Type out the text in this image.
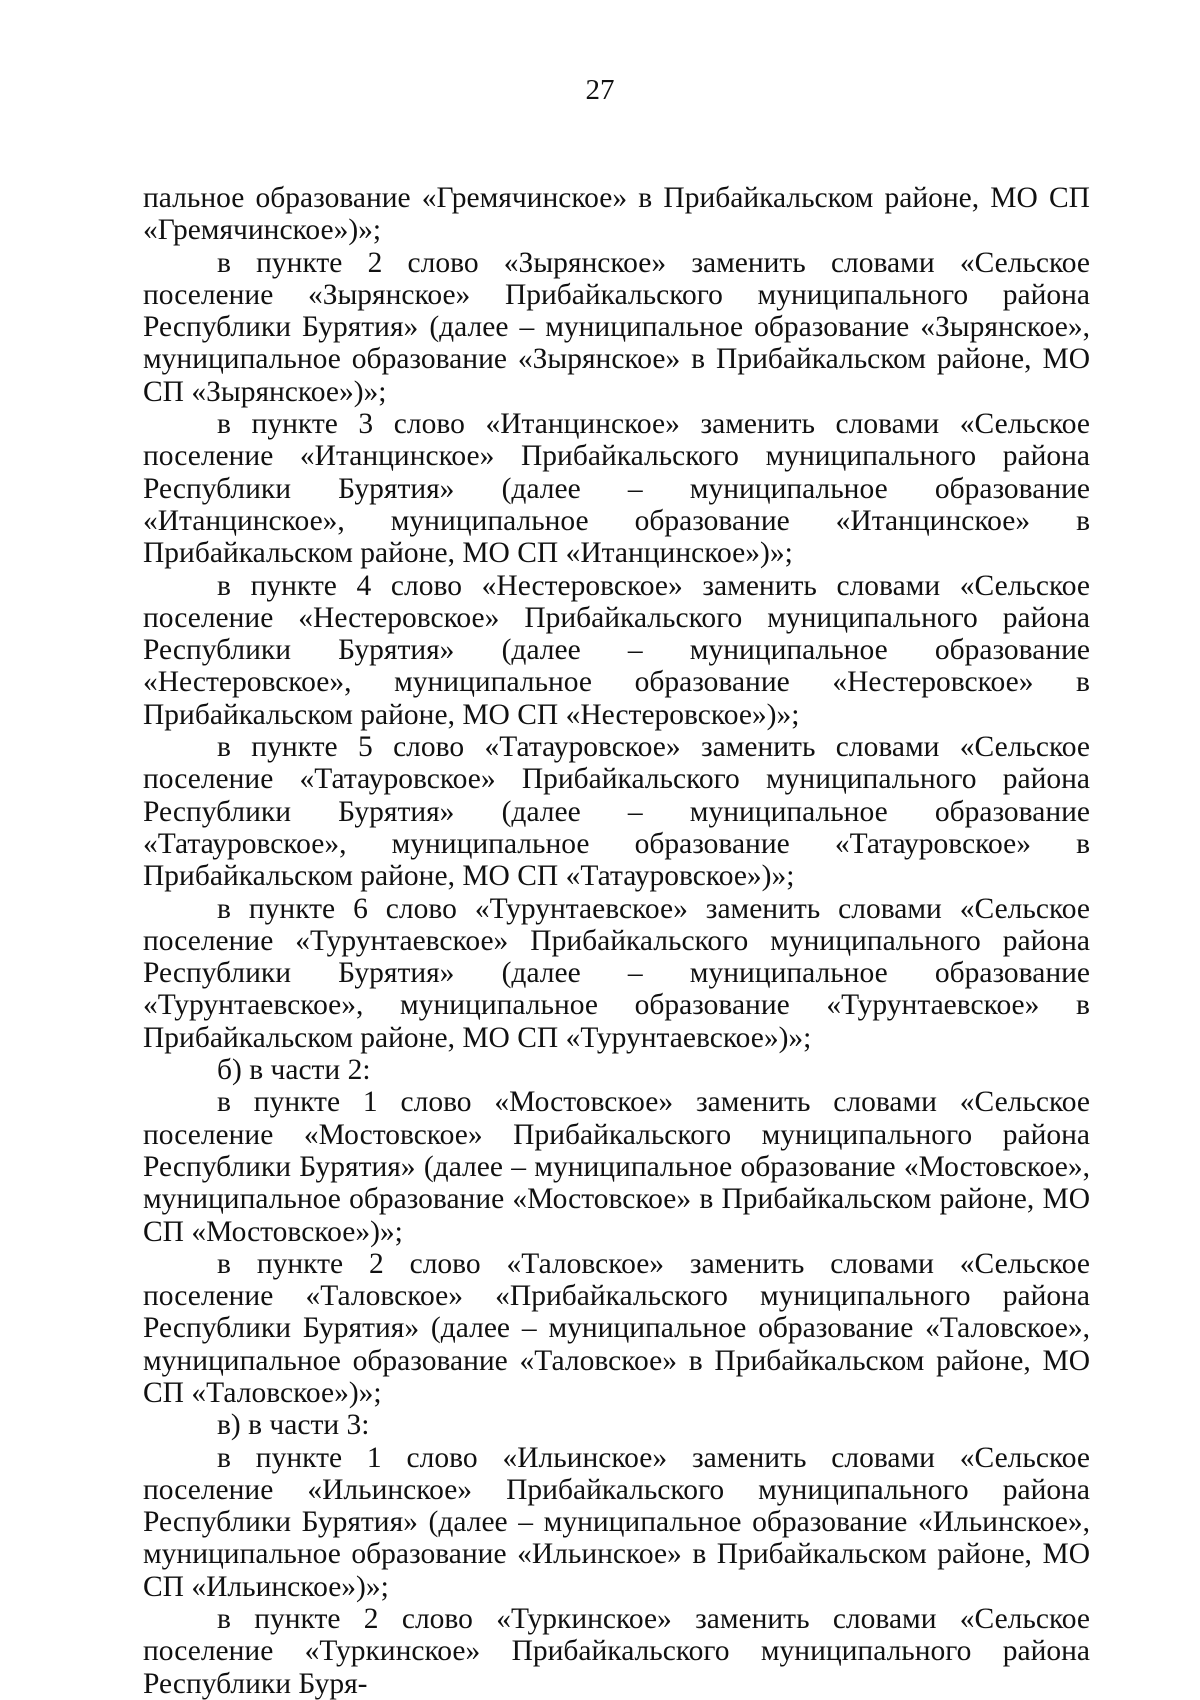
27

пальное образование «Гремячинское» в Прибайкальском районе, МО СП «Гремячинское»)»;

в пункте 2 слово «Зырянское» заменить словами «Сельское поселение «Зырянское» Прибайкальского муниципального района Республики Бурятия» (далее – муниципальное образование «Зырянское», муниципальное образование «Зырянское» в Прибайкальском районе, МО СП «Зырянское»)»;

в пункте 3 слово «Итанцинское» заменить словами «Сельское поселение «Итанцинское» Прибайкальского муниципального района Республики Бурятия» (далее – муниципальное образование «Итанцинское», муниципальное образование «Итанцинское» в Прибайкальском районе, МО СП «Итанцинское»)»;

в пункте 4 слово «Нестеровское» заменить словами «Сельское поселение «Нестеровское» Прибайкальского муниципального района Республики Бурятия» (далее – муниципальное образование «Нестеровское», муниципальное образование «Нестеровское» в Прибайкальском районе, МО СП «Нестеровское»)»;

в пункте 5 слово «Татауровское» заменить словами «Сельское поселение «Татауровское» Прибайкальского муниципального района Республики Бурятия» (далее – муниципальное образование «Татауровское», муниципальное образование «Татауровское» в Прибайкальском районе, МО СП «Татауровское»)»;

в пункте 6 слово «Турунтаевское» заменить словами «Сельское поселение «Турунтаевское» Прибайкальского муниципального района Республики Бурятия» (далее – муниципальное образование «Турунтаевское», муниципальное образование «Турунтаевское» в Прибайкальском районе, МО СП «Турунтаевское»)»;

б) в части 2:

в пункте 1 слово «Мостовское» заменить словами «Сельское поселение «Мостовское» Прибайкальского муниципального района Республики Бурятия» (далее – муниципальное образование «Мостовское», муниципальное образование «Мостовское» в Прибайкальском районе, МО СП «Мостовское»)»;

в пункте 2 слово «Таловское» заменить словами «Сельское поселение «Таловское» «Прибайкальского муниципального района Республики Бурятия» (далее – муниципальное образование «Таловское», муниципальное образование «Таловское» в Прибайкальском районе, МО СП «Таловское»)»;

в) в части 3:

в пункте 1 слово «Ильинское» заменить словами «Сельское поселение «Ильинское» Прибайкальского муниципального района Республики Бурятия» (далее – муниципальное образование «Ильинское», муниципальное образование «Ильинское» в Прибайкальском районе, МО СП «Ильинское»)»;

в пункте 2 слово «Туркинское» заменить словами «Сельское поселение «Туркинское» Прибайкальского муниципального района Республики Буря-
